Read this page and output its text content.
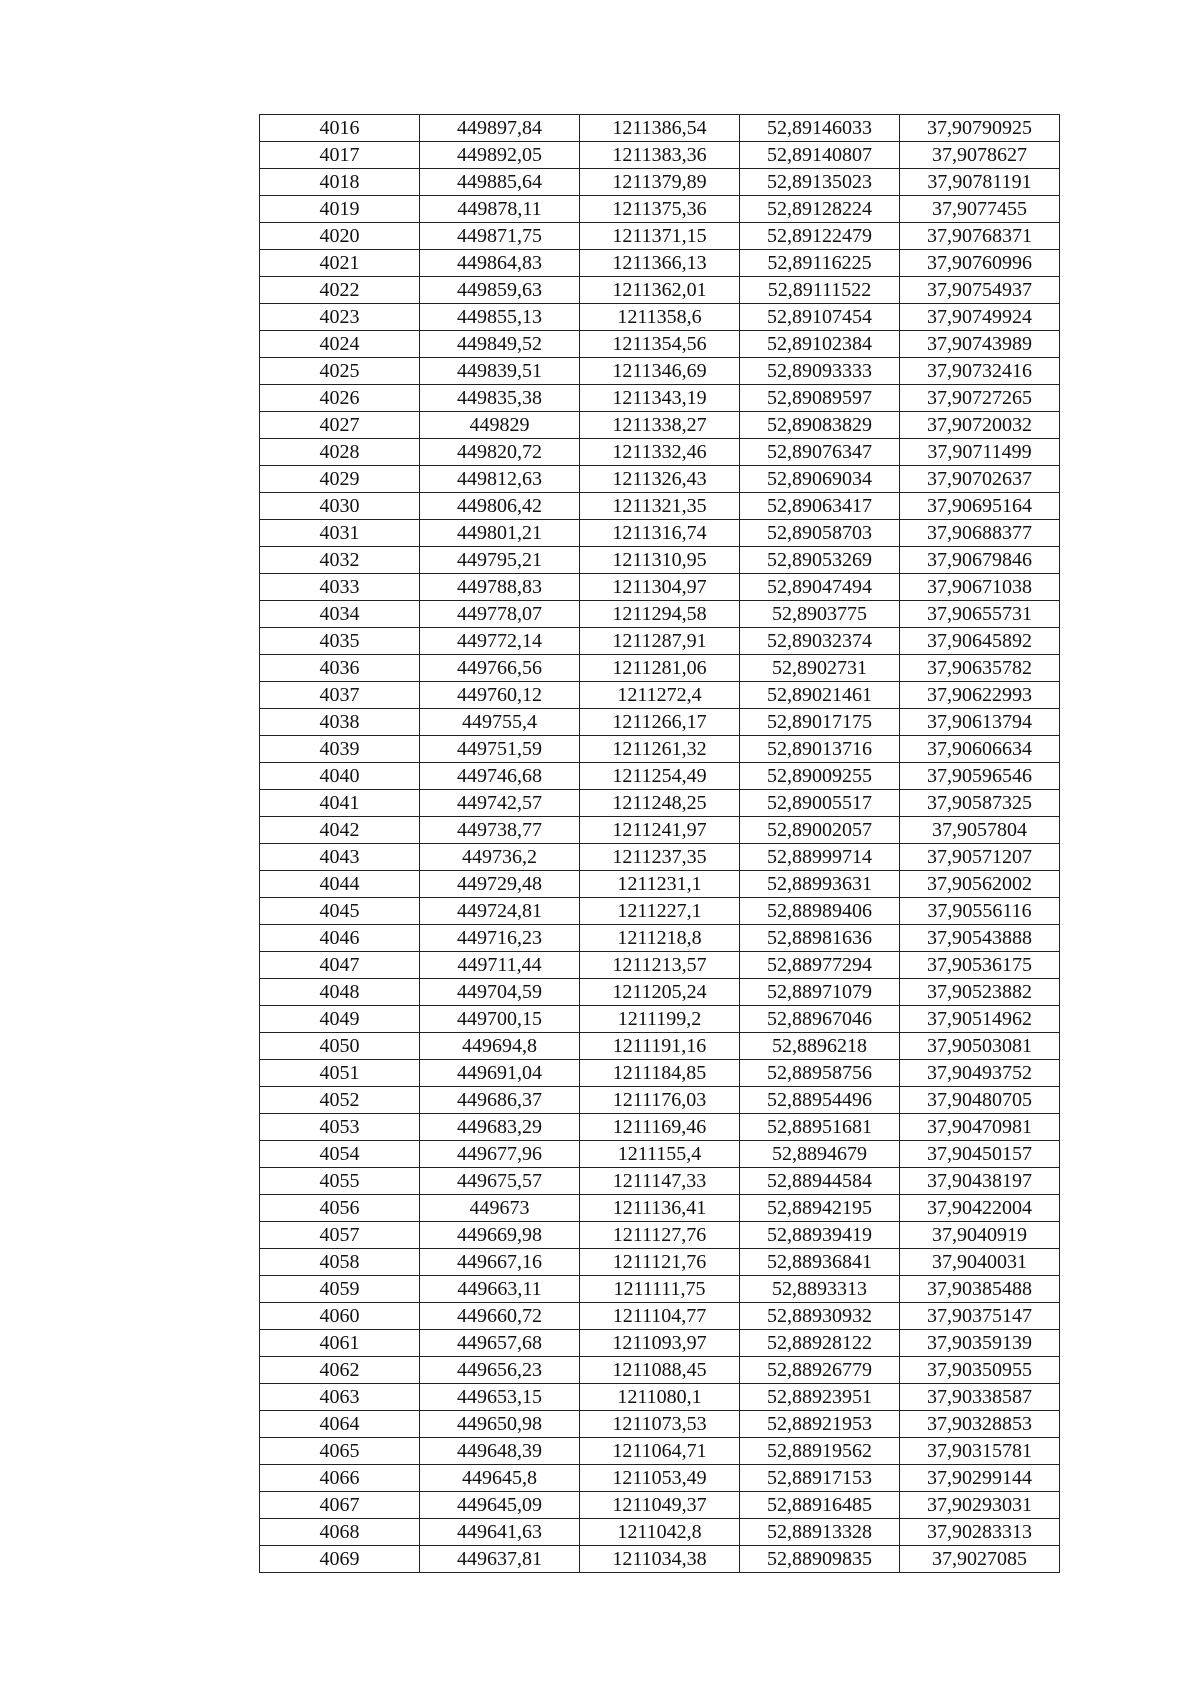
4016	449897,84	1211386,54	52,89146033	37,90790925
4017	449892,05	1211383,36	52,89140807	37,9078627
4018	449885,64	1211379,89	52,89135023	37,90781191
4019	449878,11	1211375,36	52,89128224	37,9077455
4020	449871,75	1211371,15	52,89122479	37,90768371
4021	449864,83	1211366,13	52,89116225	37,90760996
4022	449859,63	1211362,01	52,89111522	37,90754937
4023	449855,13	1211358,6	52,89107454	37,90749924
4024	449849,52	1211354,56	52,89102384	37,90743989
4025	449839,51	1211346,69	52,89093333	37,90732416
4026	449835,38	1211343,19	52,89089597	37,90727265
4027	449829	1211338,27	52,89083829	37,90720032
4028	449820,72	1211332,46	52,89076347	37,90711499
4029	449812,63	1211326,43	52,89069034	37,90702637
4030	449806,42	1211321,35	52,89063417	37,90695164
4031	449801,21	1211316,74	52,89058703	37,90688377
4032	449795,21	1211310,95	52,89053269	37,90679846
4033	449788,83	1211304,97	52,89047494	37,90671038
4034	449778,07	1211294,58	52,8903775	37,90655731
4035	449772,14	1211287,91	52,89032374	37,90645892
4036	449766,56	1211281,06	52,8902731	37,90635782
4037	449760,12	1211272,4	52,89021461	37,90622993
4038	449755,4	1211266,17	52,89017175	37,90613794
4039	449751,59	1211261,32	52,89013716	37,90606634
4040	449746,68	1211254,49	52,89009255	37,90596546
4041	449742,57	1211248,25	52,89005517	37,90587325
4042	449738,77	1211241,97	52,89002057	37,9057804
4043	449736,2	1211237,35	52,88999714	37,90571207
4044	449729,48	1211231,1	52,88993631	37,90562002
4045	449724,81	1211227,1	52,88989406	37,90556116
4046	449716,23	1211218,8	52,88981636	37,90543888
4047	449711,44	1211213,57	52,88977294	37,90536175
4048	449704,59	1211205,24	52,88971079	37,90523882
4049	449700,15	1211199,2	52,88967046	37,90514962
4050	449694,8	1211191,16	52,8896218	37,90503081
4051	449691,04	1211184,85	52,88958756	37,90493752
4052	449686,37	1211176,03	52,88954496	37,90480705
4053	449683,29	1211169,46	52,88951681	37,90470981
4054	449677,96	1211155,4	52,8894679	37,90450157
4055	449675,57	1211147,33	52,88944584	37,90438197
4056	449673	1211136,41	52,88942195	37,90422004
4057	449669,98	1211127,76	52,88939419	37,9040919
4058	449667,16	1211121,76	52,88936841	37,9040031
4059	449663,11	1211111,75	52,8893313	37,90385488
4060	449660,72	1211104,77	52,88930932	37,90375147
4061	449657,68	1211093,97	52,88928122	37,90359139
4062	449656,23	1211088,45	52,88926779	37,90350955
4063	449653,15	1211080,1	52,88923951	37,90338587
4064	449650,98	1211073,53	52,88921953	37,90328853
4065	449648,39	1211064,71	52,88919562	37,90315781
4066	449645,8	1211053,49	52,88917153	37,90299144
4067	449645,09	1211049,37	52,88916485	37,90293031
4068	449641,63	1211042,8	52,88913328	37,90283313
4069	449637,81	1211034,38	52,88909835	37,9027085
